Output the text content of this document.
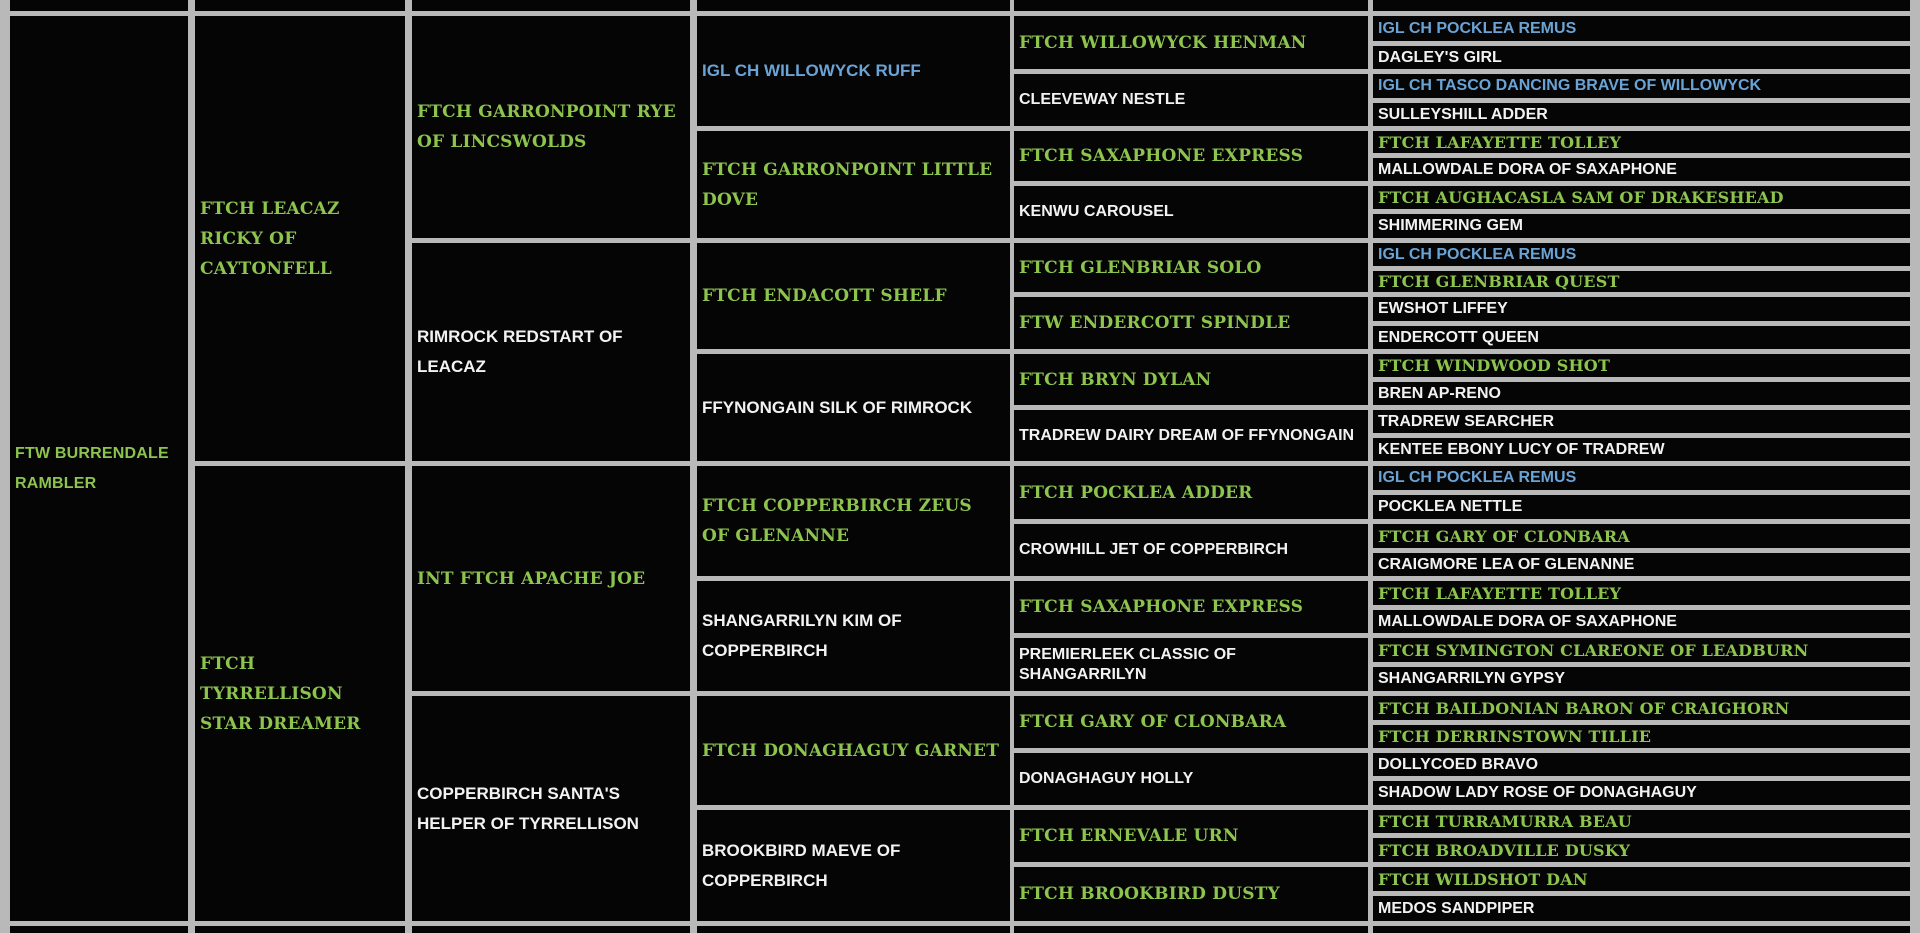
FTW BURRENDALE RAMBLER
FTCH LEACAZ RICKY OF CAYTONFELL
FTCH TYRRELLISON STAR DREAMER
FTCH GARRONPOINT RYE OF LINCSWOLDS
RIMROCK REDSTART OF LEACAZ
INT FTCH APACHE JOE
COPPERBIRCH SANTA'S HELPER OF TYRRELLISON
IGL CH WILLOWYCK RUFF
FTCH GARRONPOINT LITTLE DOVE
FTCH ENDACOTT SHELF
FFYNONGAIN SILK OF RIMROCK
FTCH COPPERBIRCH ZEUS OF GLENANNE
SHANGARRILYN KIM OF COPPERBIRCH
FTCH DONAGHAGUY GARNET
BROOKBIRD MAEVE OF COPPERBIRCH
FTCH WILLOWYCK HENMAN
CLEEVEWAY NESTLE
FTCH SAXAPHONE EXPRESS
KENWU CAROUSEL
FTCH GLENBRIAR SOLO
FTW ENDERCOTT SPINDLE
FTCH BRYN DYLAN
TRADREW DAIRY DREAM OF FFYNONGAIN
FTCH POCKLEA ADDER
CROWHILL JET OF COPPERBIRCH
FTCH SAXAPHONE EXPRESS
PREMIERLEEK CLASSIC OF SHANGARRILYN
FTCH GARY OF CLONBARA
DONAGHAGUY HOLLY
FTCH ERNEVALE URN
FTCH BROOKBIRD DUSTY
IGL CH POCKLEA REMUS
DAGLEY'S GIRL
IGL CH TASCO DANCING BRAVE OF WILLOWYCK
SULLEYSHILL ADDER
FTCH LAFAYETTE TOLLEY
MALLOWDALE DORA OF SAXAPHONE
FTCH AUGHACASLA SAM OF DRAKESHEAD
SHIMMERING GEM
IGL CH POCKLEA REMUS
FTCH GLENBRIAR QUEST
EWSHOT LIFFEY
ENDERCOTT QUEEN
FTCH WINDWOOD SHOT
BREN AP-RENO
TRADREW SEARCHER
KENTEE EBONY LUCY OF TRADREW
IGL CH POCKLEA REMUS
POCKLEA NETTLE
FTCH GARY OF CLONBARA
CRAIGMORE LEA OF GLENANNE
FTCH LAFAYETTE TOLLEY
MALLOWDALE DORA OF SAXAPHONE
FTCH SYMINGTON CLAREONE OF LEADBURN
SHANGARRILYN GYPSY
FTCH BAILDONIAN BARON OF CRAIGHORN
FTCH DERRINSTOWN TILLIE
DOLLYCOED BRAVO
SHADOW LADY ROSE OF DONAGHAGUY
FTCH TURRAMURRA BEAU
FTCH BROADVILLE DUSKY
FTCH WILDSHOT DAN
MEDOS SANDPIPER
